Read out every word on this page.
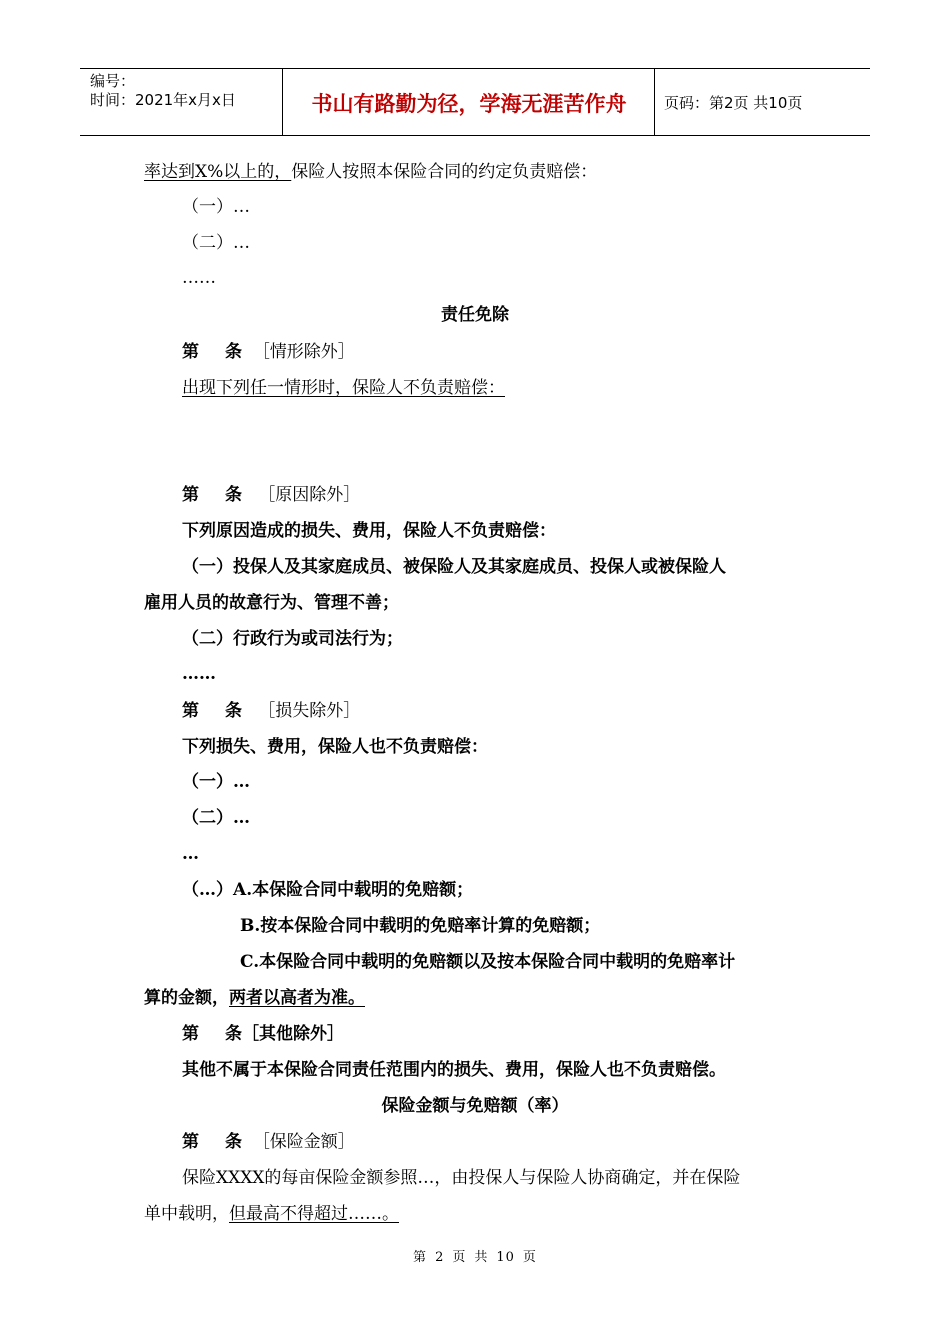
编号：
时间：2021年x月x日	书山有路勤为径，学海无涯苦作舟	页码：第2页 共10页
率达到X%以上的，保险人按照本保险合同的约定负责赔偿：
（一）…
（二）…
……
责任免除
第 条 ［情形除外］
出现下列任一情形时，保险人不负责赔偿：
第 条 ［原因除外］
下列原因造成的损失、费用，保险人不负责赔偿：
（一）投保人及其家庭成员、被保险人及其家庭成员、投保人或被保险人
雇用人员的故意行为、管理不善；
（二）行政行为或司法行为；
……
第 条 ［损失除外］
下列损失、费用，保险人也不负责赔偿：
（一）…
（二）…
…
（…）A.本保险合同中载明的免赔额；
B.按本保险合同中载明的免赔率计算的免赔额；
C.本保险合同中载明的免赔额以及按本保险合同中载明的免赔率计
算的金额，两者以高者为准。
第 条［其他除外］
其他不属于本保险合同责任范围内的损失、费用，保险人也不负责赔偿。
保险金额与免赔额（率）
第 条 ［保险金额］
保险XXXX的每亩保险金额参照…，由投保人与保险人协商确定，并在保险
单中载明，但最高不得超过……。
第 2 页 共 10 页
